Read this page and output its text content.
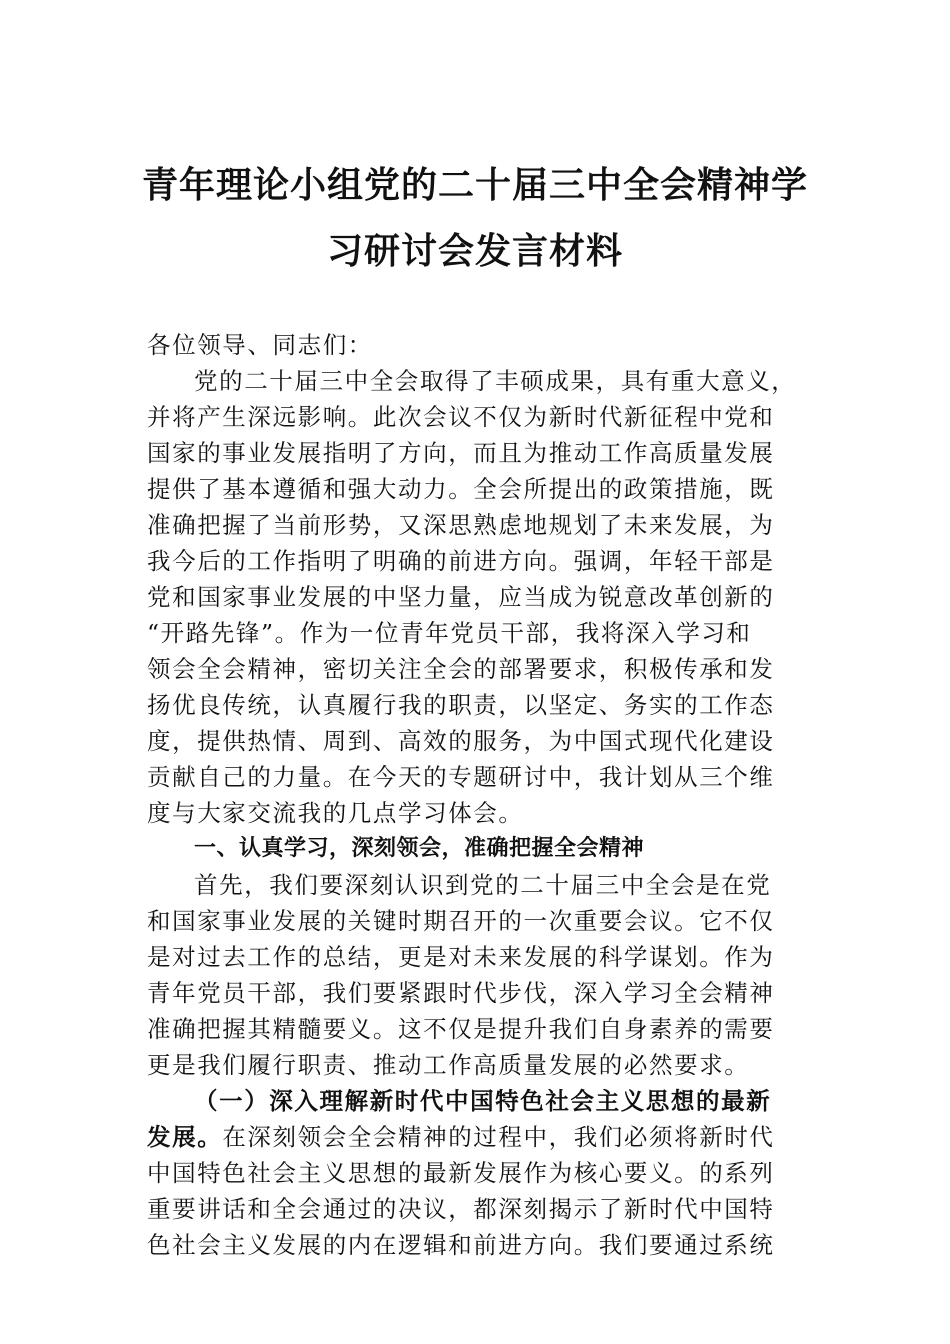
青年理论小组党的二十届三中全会精神学
习研讨会发言材料
各位领导、同志们：
党的二十届三中全会取得了丰硕成果，具有重大意义，
并将产生深远影响。此次会议不仅为新时代新征程中党和
国家的事业发展指明了方向，而且为推动工作高质量发展
提供了基本遵循和强大动力。全会所提出的政策措施，既
准确把握了当前形势，又深思熟虑地规划了未来发展，为
我今后的工作指明了明确的前进方向。强调，年轻干部是
党和国家事业发展的中坚力量，应当成为锐意改革创新的
“开路先锋”。作为一位青年党员干部，我将深入学习和
领会全会精神，密切关注全会的部署要求，积极传承和发
扬优良传统，认真履行我的职责，以坚定、务实的工作态
度，提供热情、周到、高效的服务，为中国式现代化建设
贡献自己的力量。在今天的专题研讨中，我计划从三个维
度与大家交流我的几点学习体会。
一、认真学习，深刻领会，准确把握全会精神
首先，我们要深刻认识到党的二十届三中全会是在党
和国家事业发展的关键时期召开的一次重要会议。它不仅
是对过去工作的总结，更是对未来发展的科学谋划。作为
青年党员干部，我们要紧跟时代步伐，深入学习全会精神
准确把握其精髓要义。这不仅是提升我们自身素养的需要
更是我们履行职责、推动工作高质量发展的必然要求。
（一）深入理解新时代中国特色社会主义思想的最新
发展。在深刻领会全会精神的过程中，我们必须将新时代
中国特色社会主义思想的最新发展作为核心要义。的系列
重要讲话和全会通过的决议，都深刻揭示了新时代中国特
色社会主义发展的内在逻辑和前进方向。我们要通过系统
